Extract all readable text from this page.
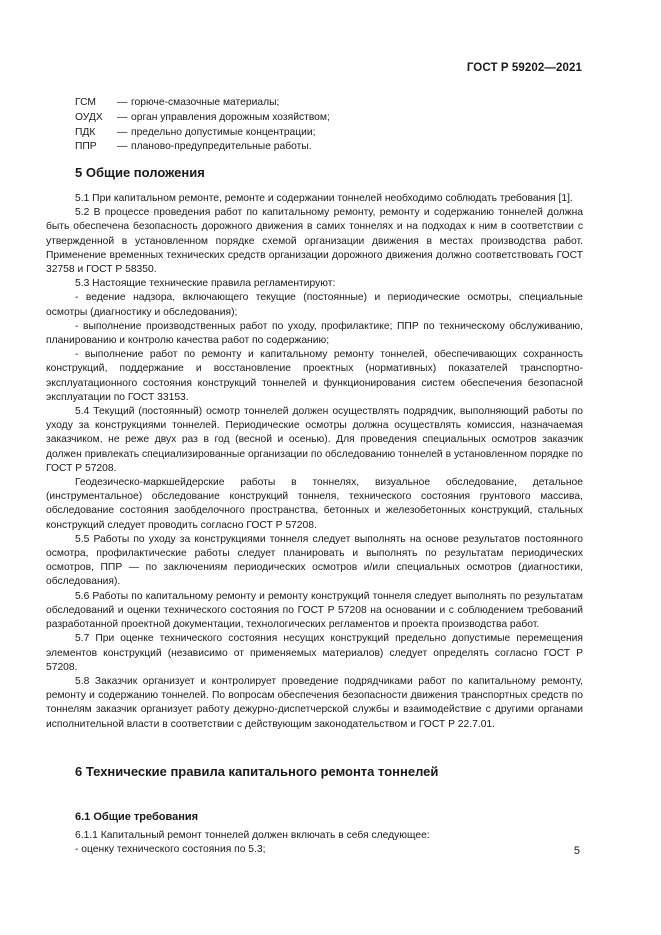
ГОСТ Р 59202—2021
ГСМ	— горюче-смазочные материалы;
ОУДХ	— орган управления дорожным хозяйством;
ПДК	— предельно допустимые концентрации;
ППР	— планово-предупредительные работы.
5 Общие положения

5.1 При капитальном ремонте, ремонте и содержании тоннелей необходимо соблюдать требования [1].

5.2 В процессе проведения работ по капитальному ремонту, ремонту и содержанию тоннелей должна быть обеспечена безопасность дорожного движения в самих тоннелях и на подходах к ним в соответствии с утвержденной в установленном порядке схемой организации движения в местах производства работ. Применение временных технических средств организации дорожного движения должно соответствовать ГОСТ 32758 и ГОСТ Р 58350.

5.3 Настоящие технические правила регламентируют:

- ведение надзора, включающего текущие (постоянные) и периодические осмотры, специальные осмотры (диагностику и обследования);

- выполнение производственных работ по уходу, профилактике; ППР по техническому обслуживанию, планированию и контролю качества работ по содержанию;

- выполнение работ по ремонту и капитальному ремонту тоннелей, обеспечивающих сохранность конструкций, поддержание и восстановление проектных (нормативных) показателей транспортно-эксплуатационного состояния конструкций тоннелей и функционирования систем обеспечения безопасной эксплуатации по ГОСТ 33153.

5.4 Текущий (постоянный) осмотр тоннелей должен осуществлять подрядчик, выполняющий работы по уходу за конструкциями тоннелей. Периодические осмотры должна осуществлять комиссия, назначаемая заказчиком, не реже двух раз в год (весной и осенью). Для проведения специальных осмотров заказчик должен привлекать специализированные организации по обследованию тоннелей в установленном порядке по ГОСТ Р 57208.

Геодезическо-маркшейдерские работы в тоннелях, визуальное обследование, детальное (инструментальное) обследование конструкций тоннеля, технического состояния грунтового массива, обследование состояния заобделочного пространства, бетонных и железобетонных конструкций, стальных конструкций следует проводить согласно ГОСТ Р 57208.

5.5 Работы по уходу за конструкциями тоннеля следует выполнять на основе результатов постоянного осмотра, профилактические работы следует планировать и выполнять по результатам периодических осмотров, ППР — по заключениям периодических осмотров и/или специальных осмотров (диагностики, обследования).

5.6 Работы по капитальному ремонту и ремонту конструкций тоннеля следует выполнять по результатам обследований и оценки технического состояния по ГОСТ Р 57208 на основании и с соблюдением требований разработанной проектной документации, технологических регламентов и проекта производства работ.

5.7 При оценке технического состояния несущих конструкций предельно допустимые перемещения элементов конструкций (независимо от применяемых материалов) следует определять согласно ГОСТ Р 57208.

5.8 Заказчик организует и контролирует проведение подрядчиками работ по капитальному ремонту, ремонту и содержанию тоннелей. По вопросам обеспечения безопасности движения транспортных средств по тоннелям заказчик организует работу дежурно-диспетчерской службы и взаимодействие с другими органами исполнительной власти в соответствии с действующим законодательством и ГОСТ Р 22.7.01.

6 Технические правила капитального ремонта тоннелей
6.1 Общие требования

6.1.1 Капитальный ремонт тоннелей должен включать в себя следующее:

- оценку технического состояния по 5.3;	5
